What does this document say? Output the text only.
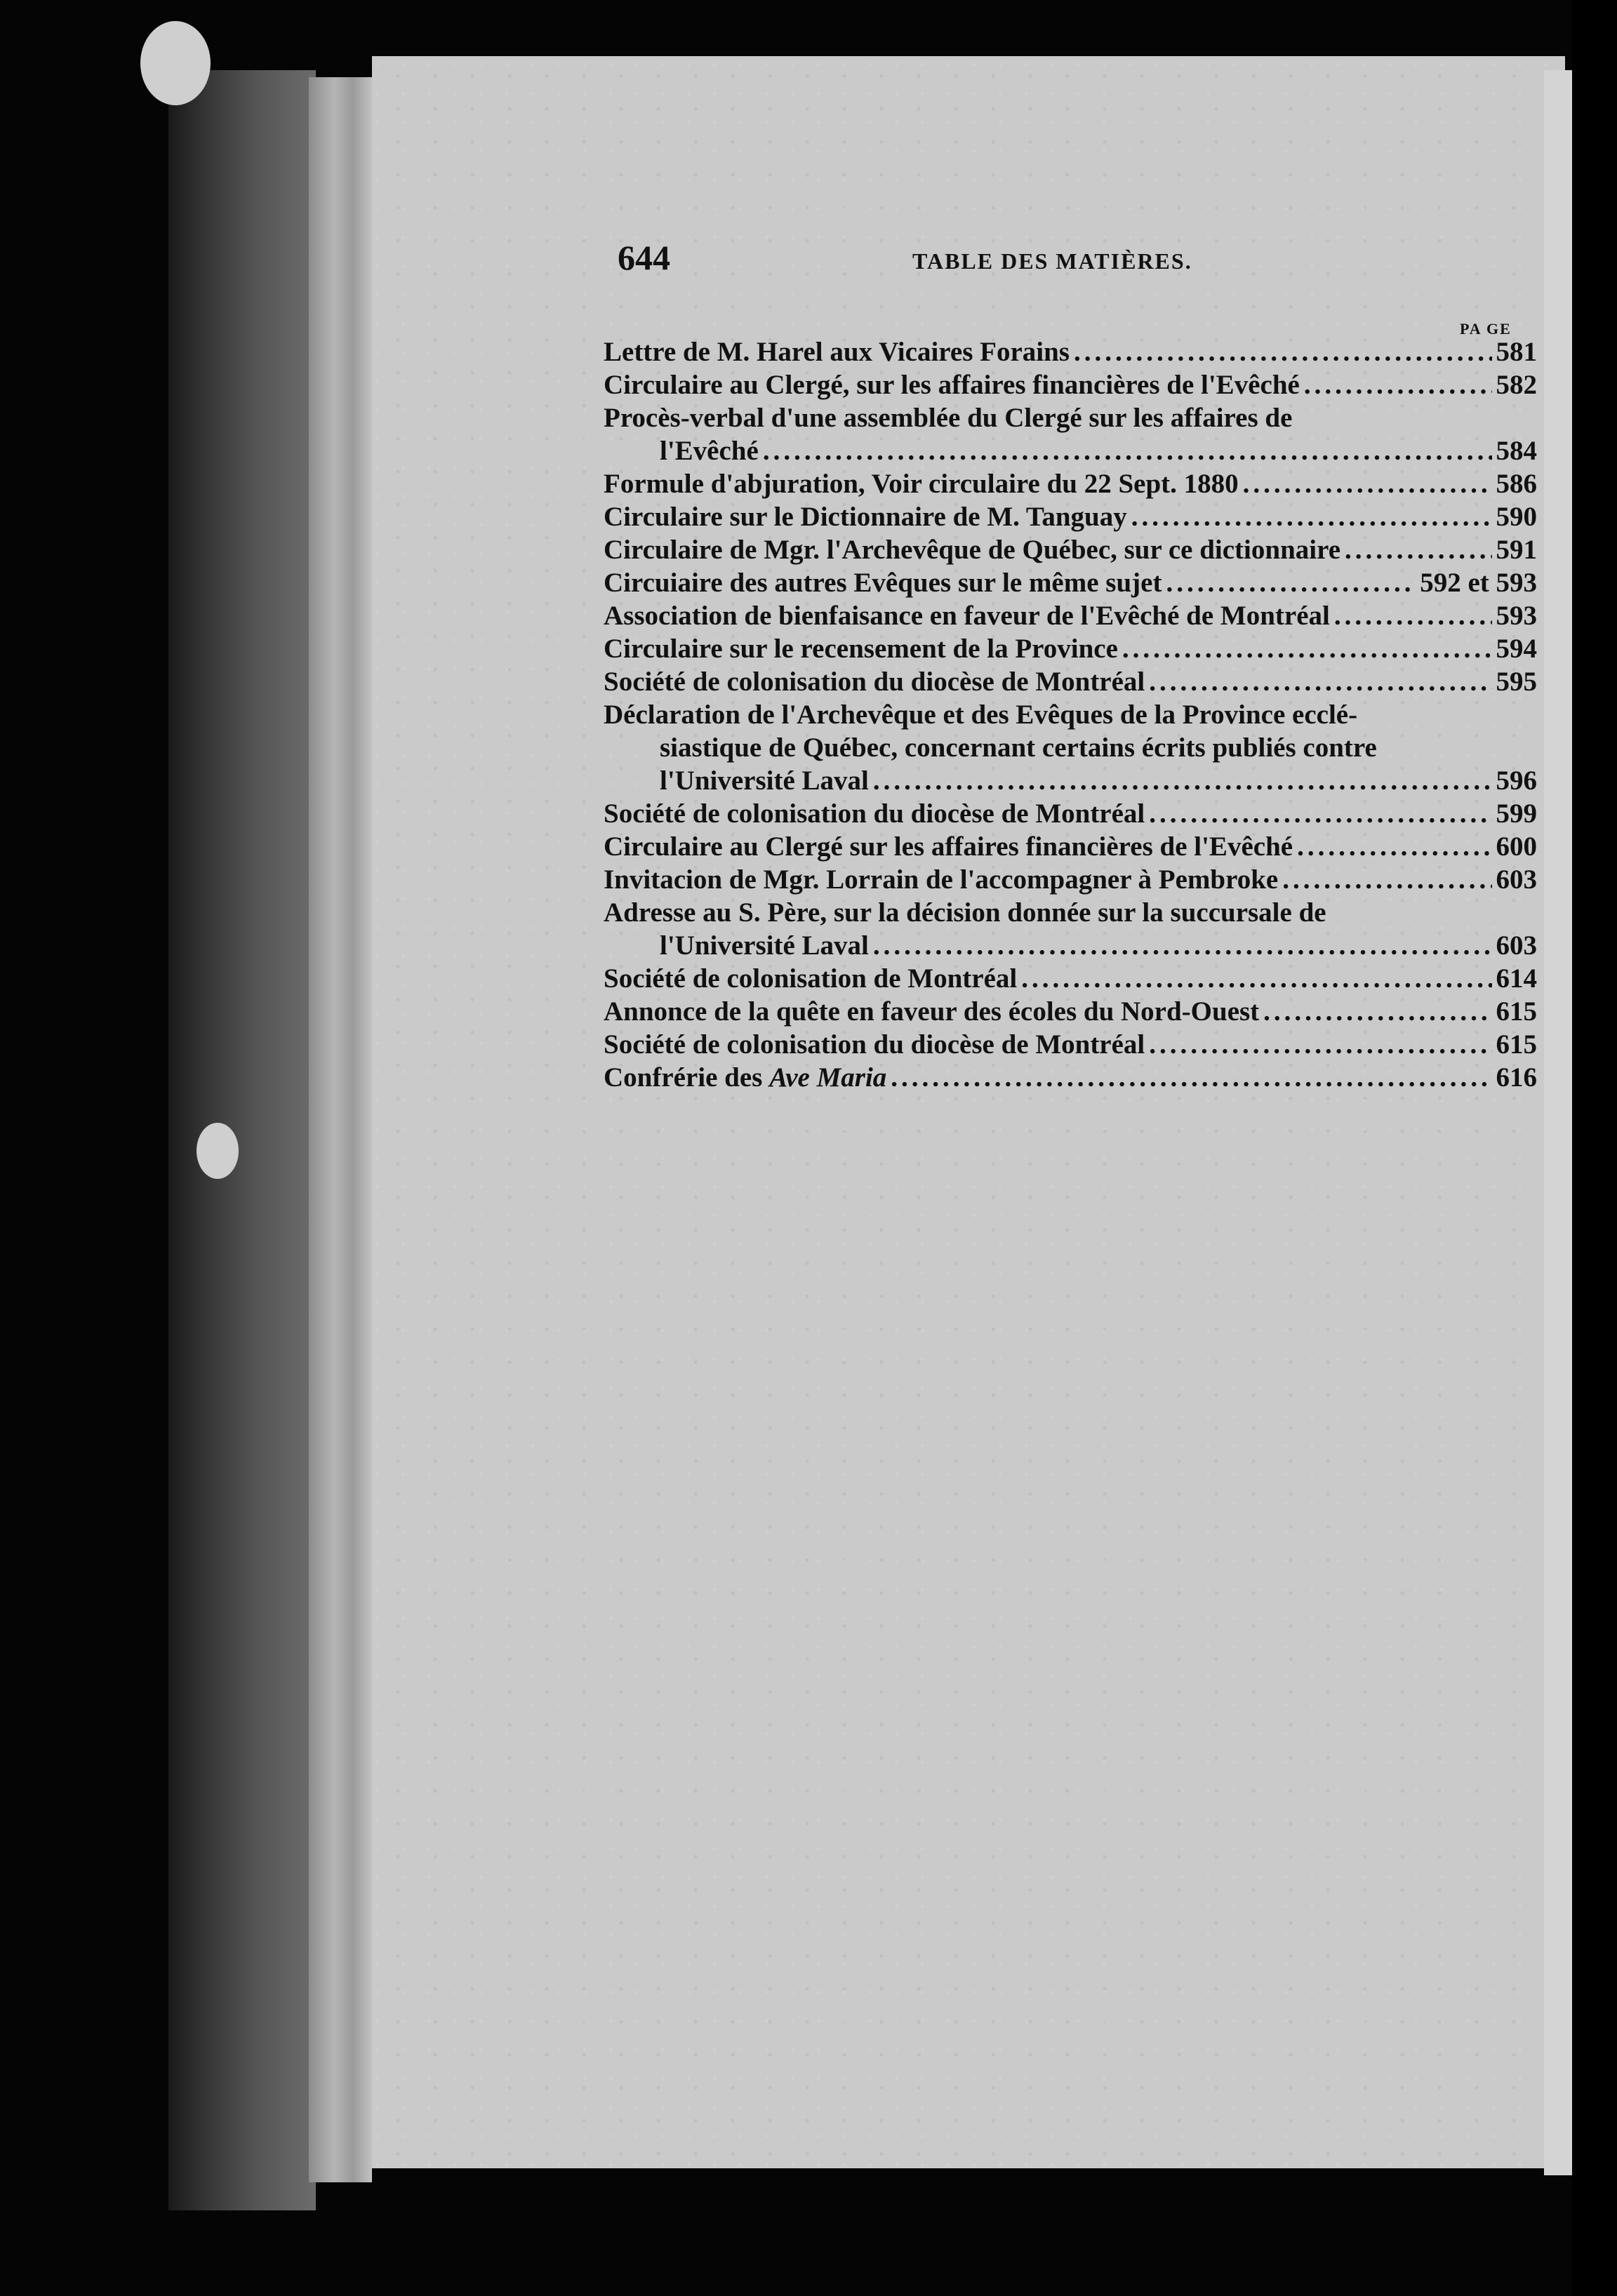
644	TABLE DES MATIÈRES.
PA GE
Lettre de M. Harel aux Vicaires Forains .....	581
Circulaire au Clergé, sur les affaires financières de l'Evêché .....	582
Procès-verbal d'une assemblée du Clergé sur les affaires de
l'Evêché .....	584
Formule d'abjuration, Voir circulaire du 22 Sept. 1880 .....	586
Circulaire sur le Dictionnaire de M. Tanguay .....	590
Circulaire de Mgr. l'Archevêque de Québec, sur ce dictionnaire .....	591
Circuiaire des autres Evêques sur le même sujet .....	592 et 593
Association de bienfaisance en faveur de l'Evêché de Montréal .....	593
Circulaire sur le recensement de la Province .....	594
Société de colonisation du diocèse de Montréal .....	595
Déclaration de l'Archevêque et des Evêques de la Province ecclé-
siastique de Québec, concernant certains écrits publiés contre
l'Université Laval .....	596
Société de colonisation du diocèse de Montréal .....	599
Circulaire au Clergé sur les affaires financières de l'Evêché .....	600
Invitacion de Mgr. Lorrain de l'accompagner à Pembroke .....	603
Adresse au S. Père, sur la décision donnée sur la succursale de
l'Université Laval .....	603
Société de colonisation de Montréal .....	614
Annonce de la quête en faveur des écoles du Nord-Ouest .....	615
Société de colonisation du diocèse de Montréal .....	615
Confrérie des Ave Maria .....	616
